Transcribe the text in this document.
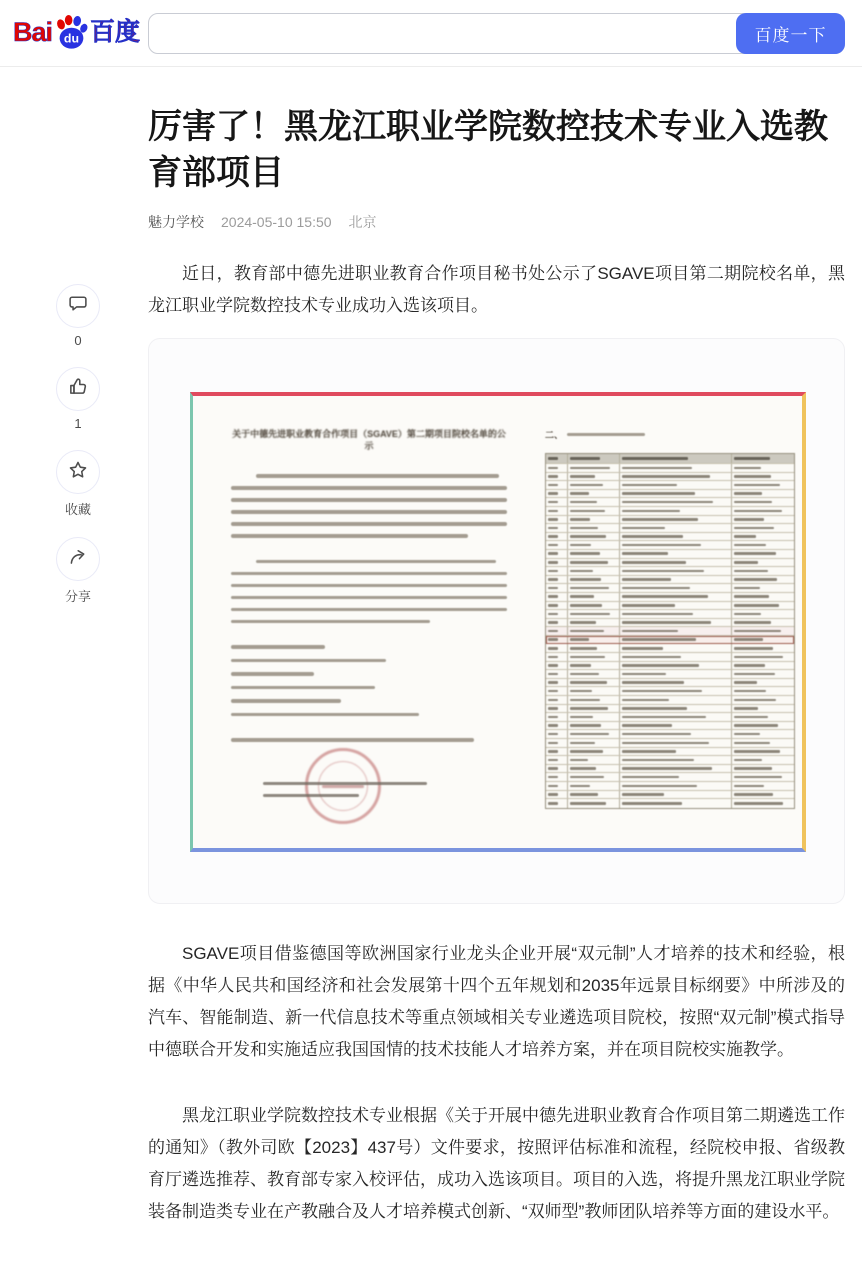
Bai du 百度	百度一下
0
1
收藏
分享
厉害了！黑龙江职业学院数控技术专业入选教育部项目
魅力学校 2024-05-10 15:50 北京

近日，教育部中德先进职业教育合作项目秘书处公示了SGAVE项目第二期院校名单，黑龙江职业学院数控技术专业成功入选该项目。

关于中德先进职业教育合作项目（SGAVE）第二期项目院校名单的公示
二、

SGAVE项目借鉴德国等欧洲国家行业龙头企业开展“双元制”人才培养的技术和经验，根据《中华人民共和国经济和社会发展第十四个五年规划和2035年远景目标纲要》中所涉及的汽车、智能制造、新一代信息技术等重点领域相关专业遴选项目院校，按照“双元制”模式指导中德联合开发和实施适应我国国情的技术技能人才培养方案，并在项目院校实施教学。

黑龙江职业学院数控技术专业根据《关于开展中德先进职业教育合作项目第二期遴选工作的通知》（教外司欧【2023】437号）文件要求，按照评估标准和流程，经院校申报、省级教育厅遴选推荐、教育部专家入校评估，成功入选该项目。项目的入选，将提升黑龙江职业学院装备制造类专业在产教融合及人才培养模式创新、“双师型”教师团队培养等方面的建设水平。
